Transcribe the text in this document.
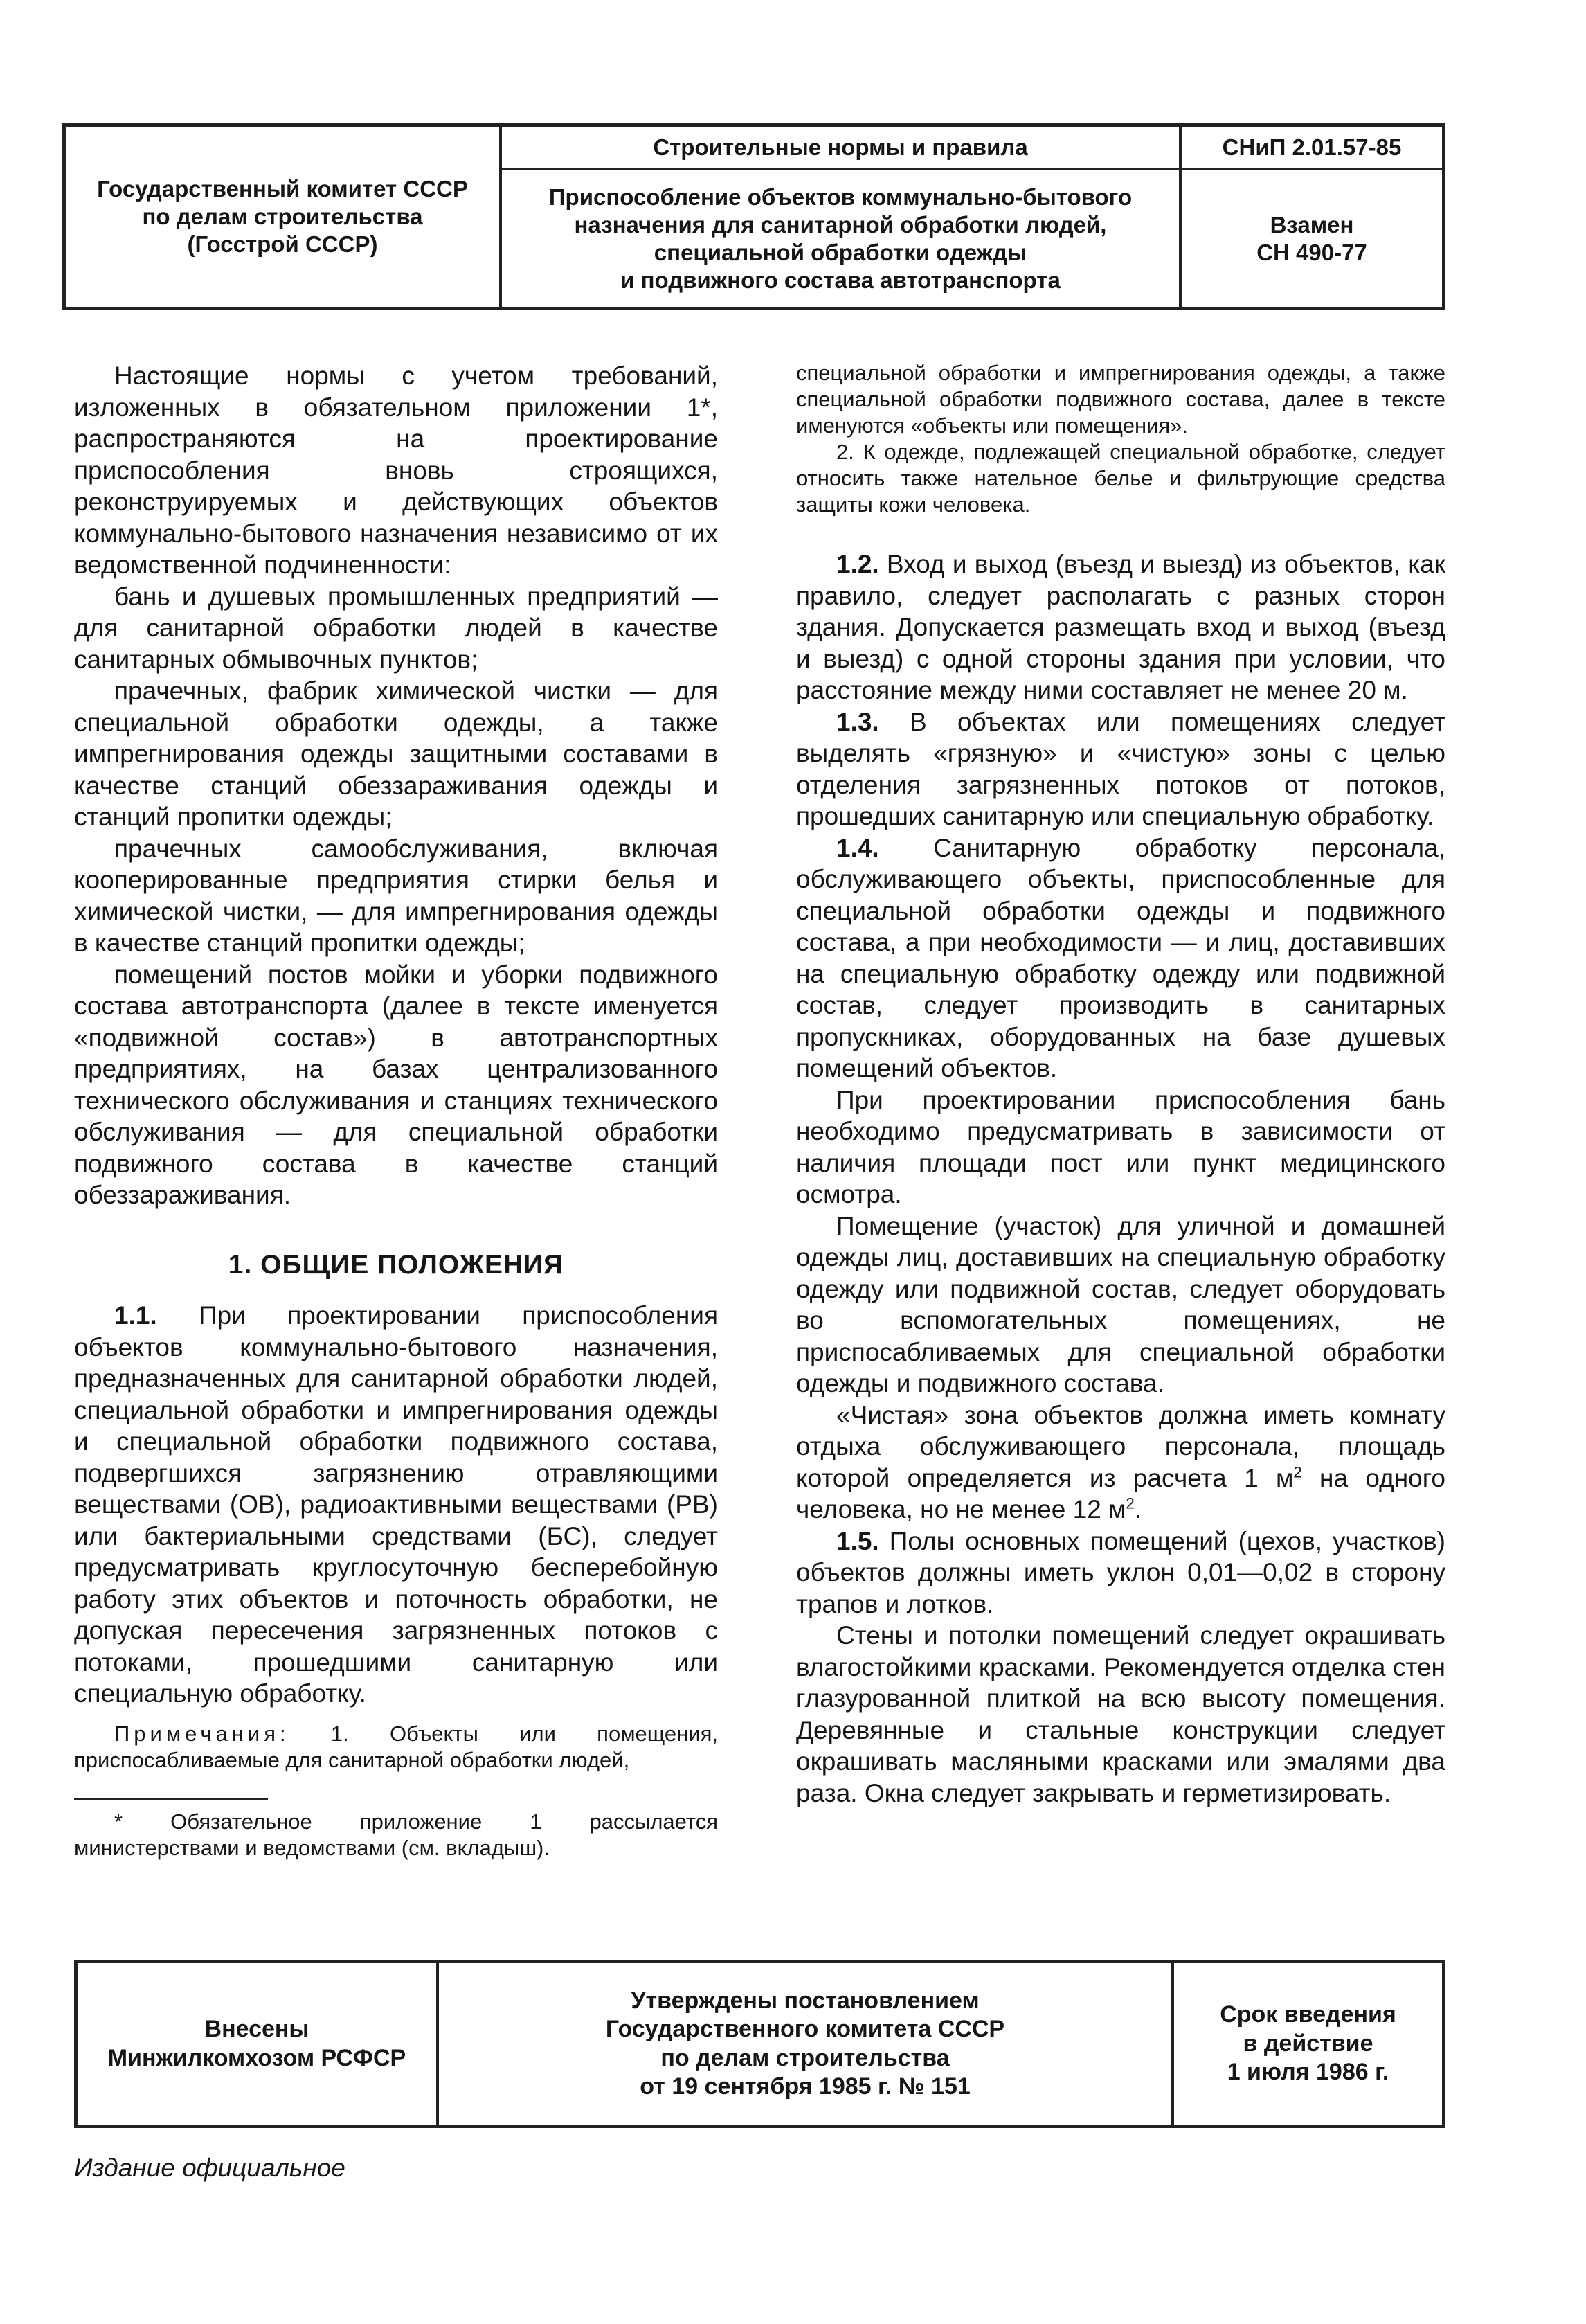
Государственный комитет СССР
по делам строительства
(Госстрой СССР)
Строительные нормы и правила	СНиП 2.01.57-85
Приспособление объектов коммунально-бытового
назначения для санитарной обработки людей,
специальной обработки одежды
и подвижного состава автотранспорта
Взамен
СН 490-77

Настоящие нормы с учетом требований, изложенных в обязательном приложении 1*, распространяются на проектирование приспособления вновь строящихся, реконструируемых и действующих объектов коммунально-бытового назначения независимо от их ведомственной подчиненности:

бань и душевых промышленных предприятий — для санитарной обработки людей в качестве санитарных обмывочных пунктов;

прачечных, фабрик химической чистки — для специальной обработки одежды, а также импрегнирования одежды защитными составами в качестве станций обеззараживания одежды и станций пропитки одежды;

прачечных самообслуживания, включая кооперированные предприятия стирки белья и химической чистки, — для импрегнирования одежды в качестве станций пропитки одежды;

помещений постов мойки и уборки подвижного состава автотранспорта (далее в тексте именуется «подвижной состав») в автотранспортных предприятиях, на базах централизованного технического обслуживания и станциях технического обслуживания — для специальной обработки подвижного состава в качестве станций обеззараживания.

1. ОБЩИЕ ПОЛОЖЕНИЯ

1.1. При проектировании приспособления объектов коммунально-бытового назначения, предназначенных для санитарной обработки людей, специальной обработки и импрегнирования одежды и специальной обработки подвижного состава, подвергшихся загрязнению отравляющими веществами (ОВ), радиоактивными веществами (РВ) или бактериальными средствами (БС), следует предусматривать круглосуточную бесперебойную работу этих объектов и поточность обработки, не допуская пересечения загрязненных потоков с потоками, прошедшими санитарную или специальную обработку.

Примечания: 1. Объекты или помещения, приспосабливаемые для санитарной обработки людей,

* Обязательное приложение 1 рассылается министерствами и ведомствами (см. вкладыш).

специальной обработки и импрегнирования одежды, а также специальной обработки подвижного состава, далее в тексте именуются «объекты или помещения».

2. К одежде, подлежащей специальной обработке, следует относить также нательное белье и фильтрующие средства защиты кожи человека.

1.2. Вход и выход (въезд и выезд) из объектов, как правило, следует располагать с разных сторон здания. Допускается размещать вход и выход (въезд и выезд) с одной стороны здания при условии, что расстояние между ними составляет не менее 20 м.

1.3. В объектах или помещениях следует выделять «грязную» и «чистую» зоны с целью отделения загрязненных потоков от потоков, прошедших санитарную или специальную обработку.

1.4. Санитарную обработку персонала, обслуживающего объекты, приспособленные для специальной обработки одежды и подвижного состава, а при необходимости — и лиц, доставивших на специальную обработку одежду или подвижной состав, следует производить в санитарных пропускниках, оборудованных на базе душевых помещений объектов.

При проектировании приспособления бань необходимо предусматривать в зависимости от наличия площади пост или пункт медицинского осмотра.

Помещение (участок) для уличной и домашней одежды лиц, доставивших на специальную обработку одежду или подвижной состав, следует оборудовать во вспомогательных помещениях, не приспосабливаемых для специальной обработки одежды и подвижного состава.

«Чистая» зона объектов должна иметь комнату отдыха обслуживающего персонала, площадь которой определяется из расчета 1 $м^2$ на одного человека, но не менее 12 $м^2$.

1.5. Полы основных помещений (цехов, участков) объектов должны иметь уклон 0,01—0,02 в сторону трапов и лотков.

Стены и потолки помещений следует окрашивать влагостойкими красками. Рекомендуется отделка стен глазурованной плиткой на всю высоту помещения. Деревянные и стальные конструкции следует окрашивать масляными красками или эмалями два раза. Окна следует закрывать и герметизировать.

Внесены
Минжилкомхозом РСФСР
Утверждены постановлением
Государственного комитета СССР
по делам строительства
от 19 сентября 1985 г. № 151
Срок введения
в действие
1 июля 1986 г.
Издание официальное
